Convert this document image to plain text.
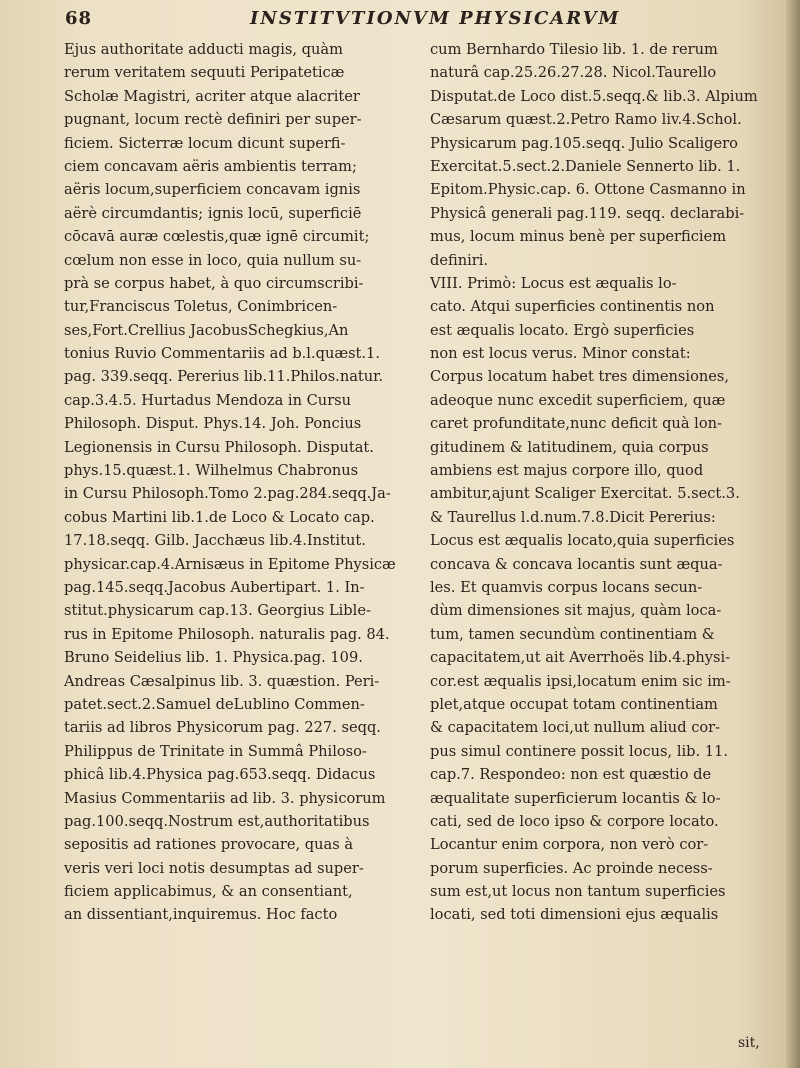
68	INSTITVTIONVM PHYSICARVM
Ejus authoritate adducti magis, quàm
rerum veritatem sequuti Peripateticæ
Scholæ Magistri, acriter atque alacriter
pugnant, locum rectè definiri per super-
ficiem. Sicterræ locum dicunt superfi-
ciem concavam aëris ambientis terram;
aëris locum,superficiem concavam ignis
aërè circumdantis; ignis locū, superficiē
cōcavā auræ cœlestis,quæ ignē circumit;
cœlum non esse in loco, quia nullum su-
prà se corpus habet, à quo circumscribi-
tur,Franciscus Toletus, Conimbricen-
ses,Fort.Crellius JacobusSchegkius,An
tonius Ruvio Commentariis ad b.l.quæst.1.
pag. 339.seqq. Pererius lib.11.Philos.natur.
cap.3.4.5. Hurtadus Mendoza in Cursu
Philosoph. Disput. Phys.14. Joh. Poncius
Legionensis in Cursu Philosoph. Disputat.
phys.15.quæst.1. Wilhelmus Chabronus
in Cursu Philosoph.Tomo 2.pag.284.seqq.Ja-
cobus Martini lib.1.de Loco & Locato cap.
17.18.seqq. Gilb. Jacchæus lib.4.Institut.
physicar.cap.4.Arnisæus in Epitome Physicæ
pag.145.seqq.Jacobus Aubertipart. 1. In-
stitut.physicarum cap.13. Georgius Lible-
rus in Epitome Philosoph. naturalis pag. 84.
Bruno Seidelius lib. 1. Physica.pag. 109.
Andreas Cæsalpinus lib. 3. quæstion. Peri-
patet.sect.2.Samuel deLublino Commen-
tariis ad libros Physicorum pag. 227. seqq.
Philippus de Trinitate in Summâ Philoso-
phicâ lib.4.Physica pag.653.seqq. Didacus
Masius Commentariis ad lib. 3. physicorum
pag.100.seqq.Nostrum est,authoritatibus
sepositis ad rationes provocare, quas à
veris veri loci notis desumptas ad super-
ficiem applicabimus, & an consentiant,
an dissentiant,inquiremus. Hoc facto
cum Bernhardo Tilesio lib. 1. de rerum
naturâ cap.25.26.27.28. Nicol.Taurello
Disputat.de Loco dist.5.seqq.& lib.3. Alpium
Cæsarum quæst.2.Petro Ramo liv.4.Schol.
Physicarum pag.105.seqq. Julio Scaligero
Exercitat.5.sect.2.Daniele Sennerto lib. 1.
Epitom.Physic.cap. 6. Ottone Casmanno in
Physicâ generali pag.119. seqq. declarabi-
mus, locum minus benè per superficiem
definiri.
VIII. Primò: Locus est æqualis lo-
cato. Atqui superficies continentis non
est æqualis locato. Ergò superficies
non est locus verus. Minor constat:
Corpus locatum habet tres dimensiones,
adeoque nunc excedit superficiem, quæ
caret profunditate,nunc deficit quà lon-
gitudinem & latitudinem, quia corpus
ambiens est majus corpore illo, quod
ambitur,ajunt Scaliger Exercitat. 5.sect.3.
& Taurellus l.d.num.7.8.Dicit Pererius:
Locus est æqualis locato,quia superficies
concava & concava locantis sunt æqua-
les. Et quamvis corpus locans secun-
dùm dimensiones sit majus, quàm loca-
tum, tamen secundùm continentiam &
capacitatem,ut ait Averrhoës lib.4.physi-
cor.est æqualis ipsi,locatum enim sic im-
plet,atque occupat totam continentiam
& capacitatem loci,ut nullum aliud cor-
pus simul continere possit locus, lib. 11.
cap.7. Respondeo: non est quæstio de
æqualitate superficierum locantis & lo-
cati, sed de loco ipso & corpore locato.
Locantur enim corpora, non verò cor-
porum superficies. Ac proinde necess-
sum est,ut locus non tantum superficies
locati, sed toti dimensioni ejus æqualis
sit,
